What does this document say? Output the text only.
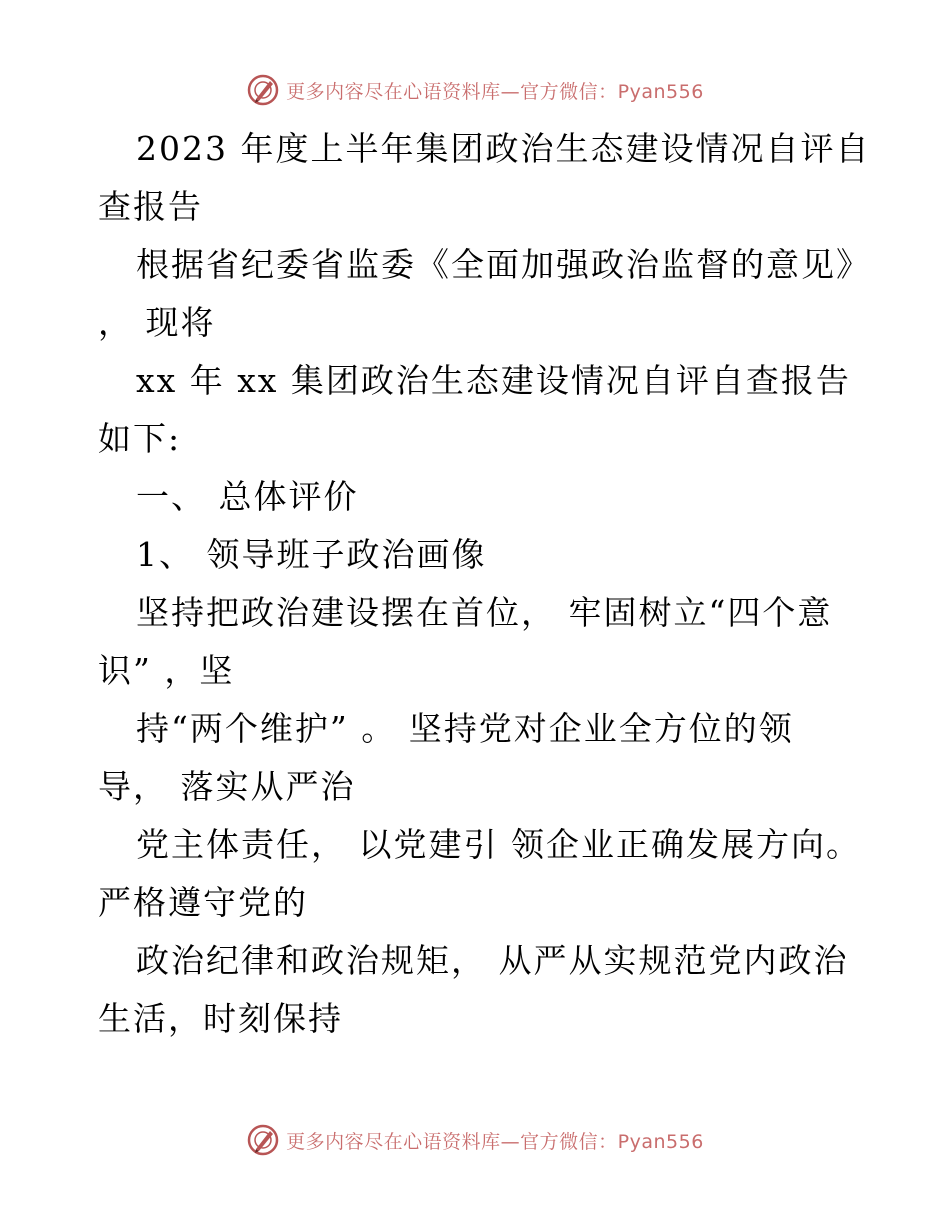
更多内容尽在心语资料库—官方微信：Pyan556
2023 年度上半年集团政治生态建设情况自评自
查报告
根据省纪委省监委《全面加强政治监督的意见》
， 现将
xx 年 xx 集团政治生态建设情况自评自查报告
如下:
一、 总体评价
1、 领导班子政治画像
坚持把政治建设摆在首位， 牢固树立“四个意
识” ，坚
持“两个维护” 。 坚持党对企业全方位的领
导， 落实从严治
党主体责任， 以党建引 领企业正确发展方向。
严格遵守党的
政治纪律和政治规矩， 从严从实规范党内政治
生活，时刻保持
更多内容尽在心语资料库—官方微信：Pyan556
